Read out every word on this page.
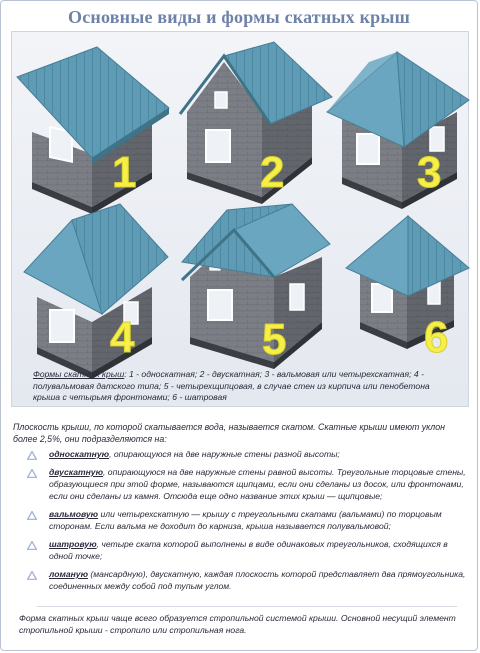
Основные виды и формы скатных крыш
1	2	3
4	5	6
Формы скатных крыш: 1 - односкатная; 2 - двускатная; 3 - вальмовая или четырехскатная; 4 - полувальмовая датского типа; 5 - четырехщипцовая, в случае стен из кирпича или пенобетона крыша с четырьмя фронтонами; 6 - шатровая
Плоскость крыши, по которой скатывается вода, называется скатом. Скатные крыши имеют уклон более 2,5%, они подразделяются на:
односкатную, опирающуюся на две наружные стены разной высоты;
двускатную, опирающуюся на две наружные стены равной высоты. Треугольные торцовые стены, образующиеся при этой форме, называются щипцами, если они сделаны из досок, или фронтонами, если они сделаны из камня. Отсюда еще одно название этих крыш — щипцовые;
вальмовую или четырехскатную — крышу с треугольными скатами (вальмами) по торцовым сторонам. Если вальма не доходит до карниза, крыша называется полувальмовой;
шатровую, четыре ската которой выполнены в виде одинаковых треугольников, сходящихся в одной точке;
ломаную (мансардную), двускатную, каждая плоскость которой представляет два прямоугольника, соединенных между собой под тупым углом.
Форма скатных крыш чаще всего образуется стропильной системой крыши. Основной несущий элемент стропильной крыши - стропило или стропильная нога.
